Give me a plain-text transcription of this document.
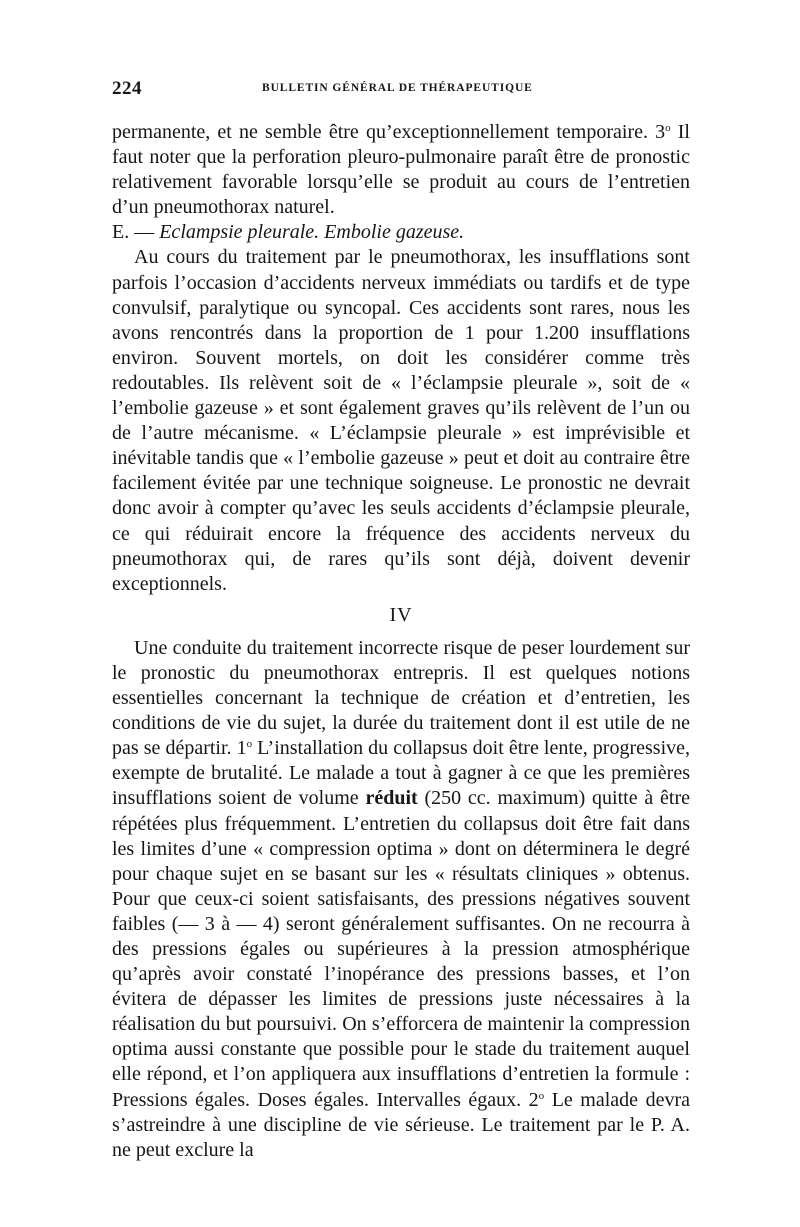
224	BULLETIN GÉNÉRAL DE THÉRAPEUTIQUE

permanente, et ne semble être qu’exceptionnellement temporaire. 3$^o$ Il faut noter que la perforation pleuro-pulmonaire paraît être de pronostic relativement favorable lorsqu’elle se produit au cours de l’entretien d’un pneumothorax naturel.

E. — Eclampsie pleurale. Embolie gazeuse.

Au cours du traitement par le pneumothorax, les insufflations sont parfois l’occasion d’accidents nerveux immédiats ou tardifs et de type convulsif, paralytique ou syncopal. Ces accidents sont rares, nous les avons rencontrés dans la proportion de 1 pour 1.200 insufflations environ. Souvent mortels, on doit les considérer comme très redoutables. Ils relèvent soit de « l’éclampsie pleurale », soit de « l’embolie gazeuse » et sont également graves qu’ils relèvent de l’un ou de l’autre mécanisme. « L’éclampsie pleurale » est imprévisible et inévitable tandis que « l’embolie gazeuse » peut et doit au contraire être facilement évitée par une technique soigneuse. Le pronostic ne devrait donc avoir à compter qu’avec les seuls accidents d’éclampsie pleurale, ce qui réduirait encore la fréquence des accidents nerveux du pneumothorax qui, de rares qu’ils sont déjà, doivent devenir exceptionnels.

IV

Une conduite du traitement incorrecte risque de peser lourdement sur le pronostic du pneumothorax entrepris. Il est quelques notions essentielles concernant la technique de création et d’entretien, les conditions de vie du sujet, la durée du traitement dont il est utile de ne pas se départir. 1$^o$ L’installation du collapsus doit être lente, progressive, exempte de brutalité. Le malade a tout à gagner à ce que les premières insufflations soient de volume réduit (250 cc. maximum) quitte à être répétées plus fréquemment. L’entretien du collapsus doit être fait dans les limites d’une « compression optima » dont on déterminera le degré pour chaque sujet en se basant sur les « résultats cliniques » obtenus. Pour que ceux-ci soient satisfaisants, des pressions négatives souvent faibles (— 3 à — 4) seront généralement suffisantes. On ne recourra à des pressions égales ou supérieures à la pression atmosphérique qu’après avoir constaté l’inopérance des pressions basses, et l’on évitera de dépasser les limites de pressions juste nécessaires à la réalisation du but poursuivi. On s’efforcera de maintenir la compression optima aussi constante que possible pour le stade du traitement auquel elle répond, et l’on appliquera aux insufflations d’entretien la formule : Pressions égales. Doses égales. Intervalles égaux. 2$^o$ Le malade devra s’astreindre à une discipline de vie sérieuse. Le traitement par le P. A. ne peut exclure la
